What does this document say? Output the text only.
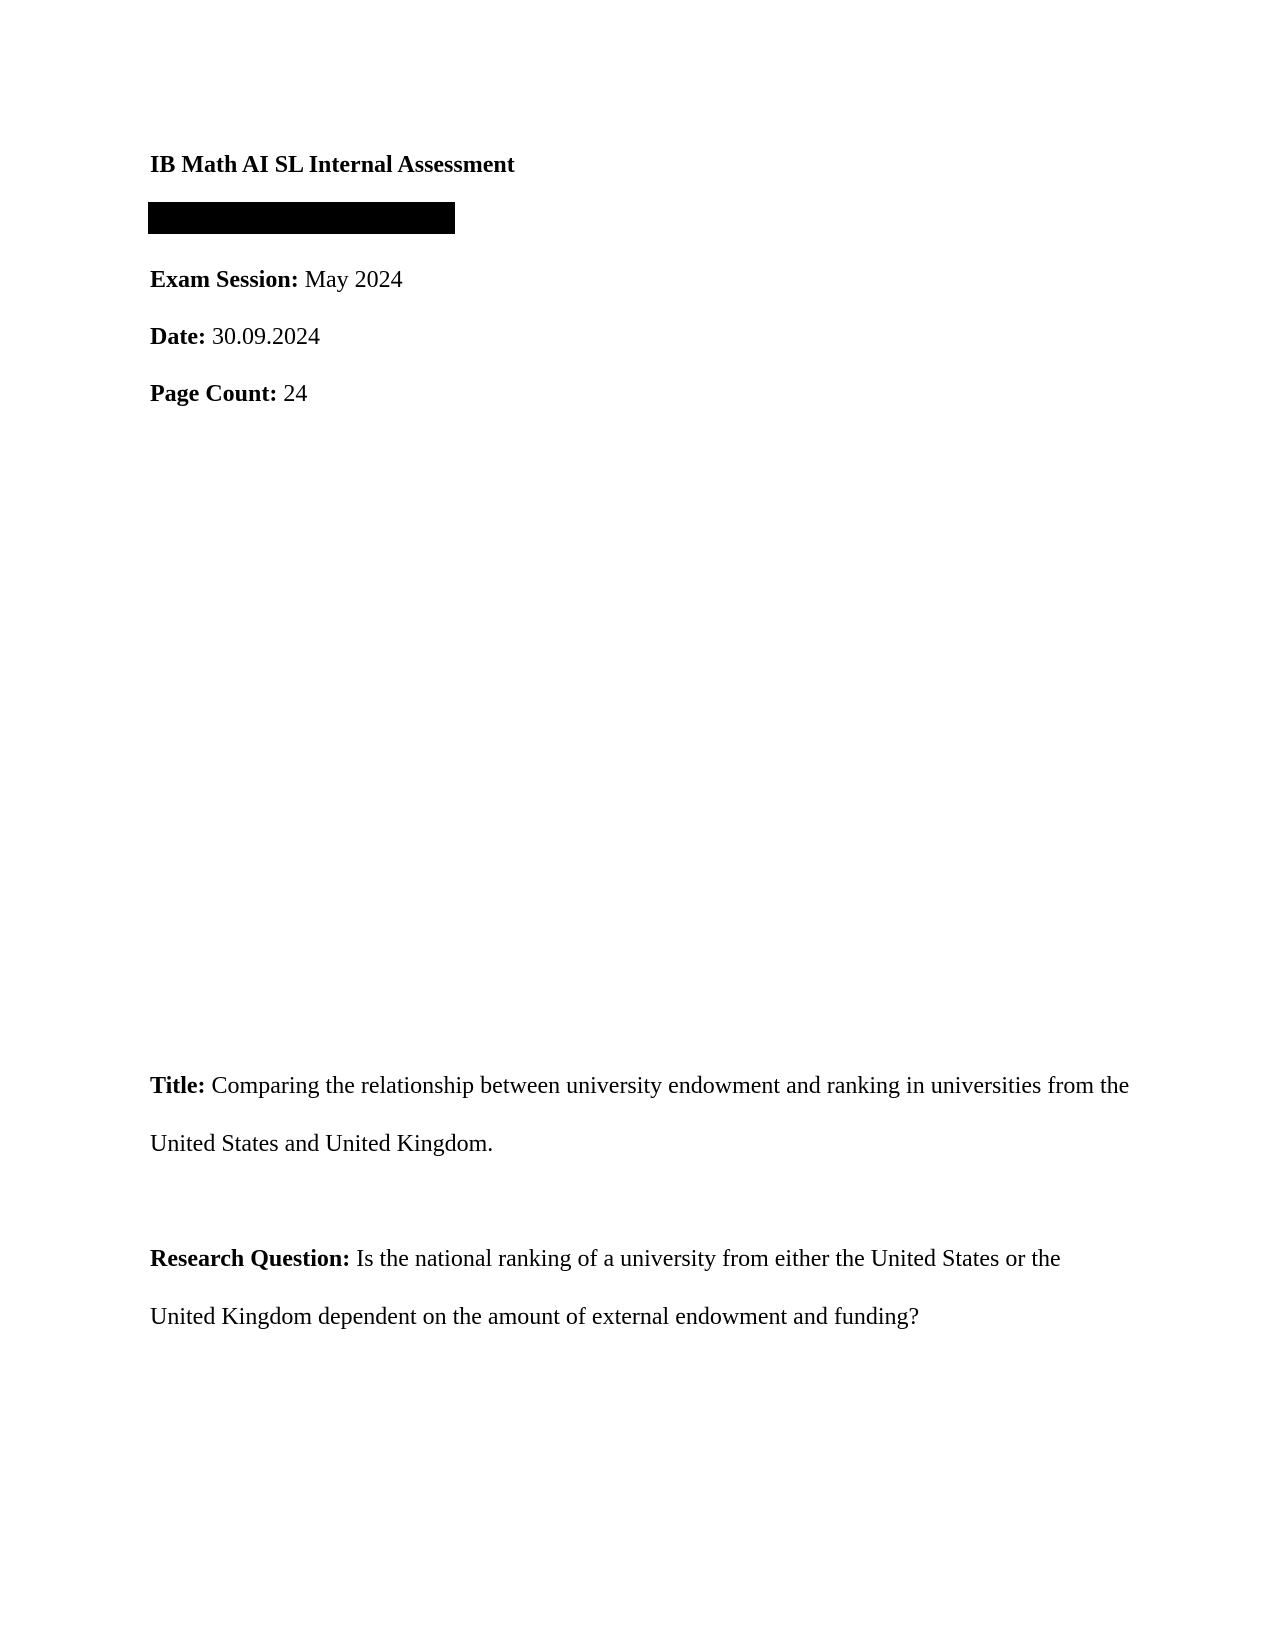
IB Math AI SL Internal Assessment
Exam Session: May 2024
Date: 30.09.2024
Page Count: 24
Title: Comparing the relationship between university endowment and ranking in universities from the United States and United Kingdom.
Research Question: Is the national ranking of a university from either the United States or the United Kingdom dependent on the amount of external endowment and funding?
